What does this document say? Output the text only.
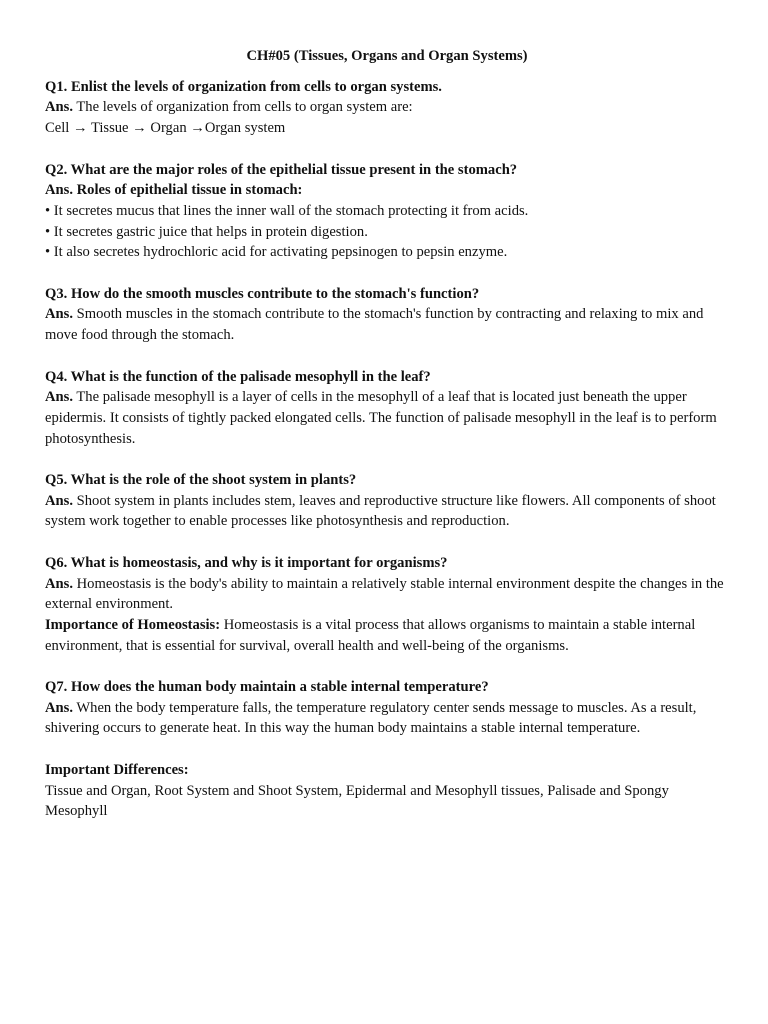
CH#05 (Tissues, Organs and Organ Systems)

Q1. Enlist the levels of organization from cells to organ systems.

Ans. The levels of organization from cells to organ system are:

Cell → Tissue → Organ →Organ system

Q2. What are the major roles of the epithelial tissue present in the stomach?

Ans. Roles of epithelial tissue in stomach:

• It secretes mucus that lines the inner wall of the stomach protecting it from acids.

• It secretes gastric juice that helps in protein digestion.

• It also secretes hydrochloric acid for activating pepsinogen to pepsin enzyme.

Q3. How do the smooth muscles contribute to the stomach's function?

Ans. Smooth muscles in the stomach contribute to the stomach's function by contracting and relaxing to mix and move food through the stomach.

Q4. What is the function of the palisade mesophyll in the leaf?

Ans. The palisade mesophyll is a layer of cells in the mesophyll of a leaf that is located just beneath the upper epidermis. It consists of tightly packed elongated cells. The function of palisade mesophyll in the leaf is to perform photosynthesis.

Q5. What is the role of the shoot system in plants?

Ans. Shoot system in plants includes stem, leaves and reproductive structure like flowers. All components of shoot system work together to enable processes like photosynthesis and reproduction.

Q6. What is homeostasis, and why is it important for organisms?

Ans. Homeostasis is the body's ability to maintain a relatively stable internal environment despite the changes in the external environment.

Importance of Homeostasis: Homeostasis is a vital process that allows organisms to maintain a stable internal environment, that is essential for survival, overall health and well-being of the organisms.

Q7. How does the human body maintain a stable internal temperature?

Ans. When the body temperature falls, the temperature regulatory center sends message to muscles. As a result, shivering occurs to generate heat. In this way the human body maintains a stable internal temperature.

Important Differences:

Tissue and Organ, Root System and Shoot System, Epidermal and Mesophyll tissues, Palisade and Spongy Mesophyll
